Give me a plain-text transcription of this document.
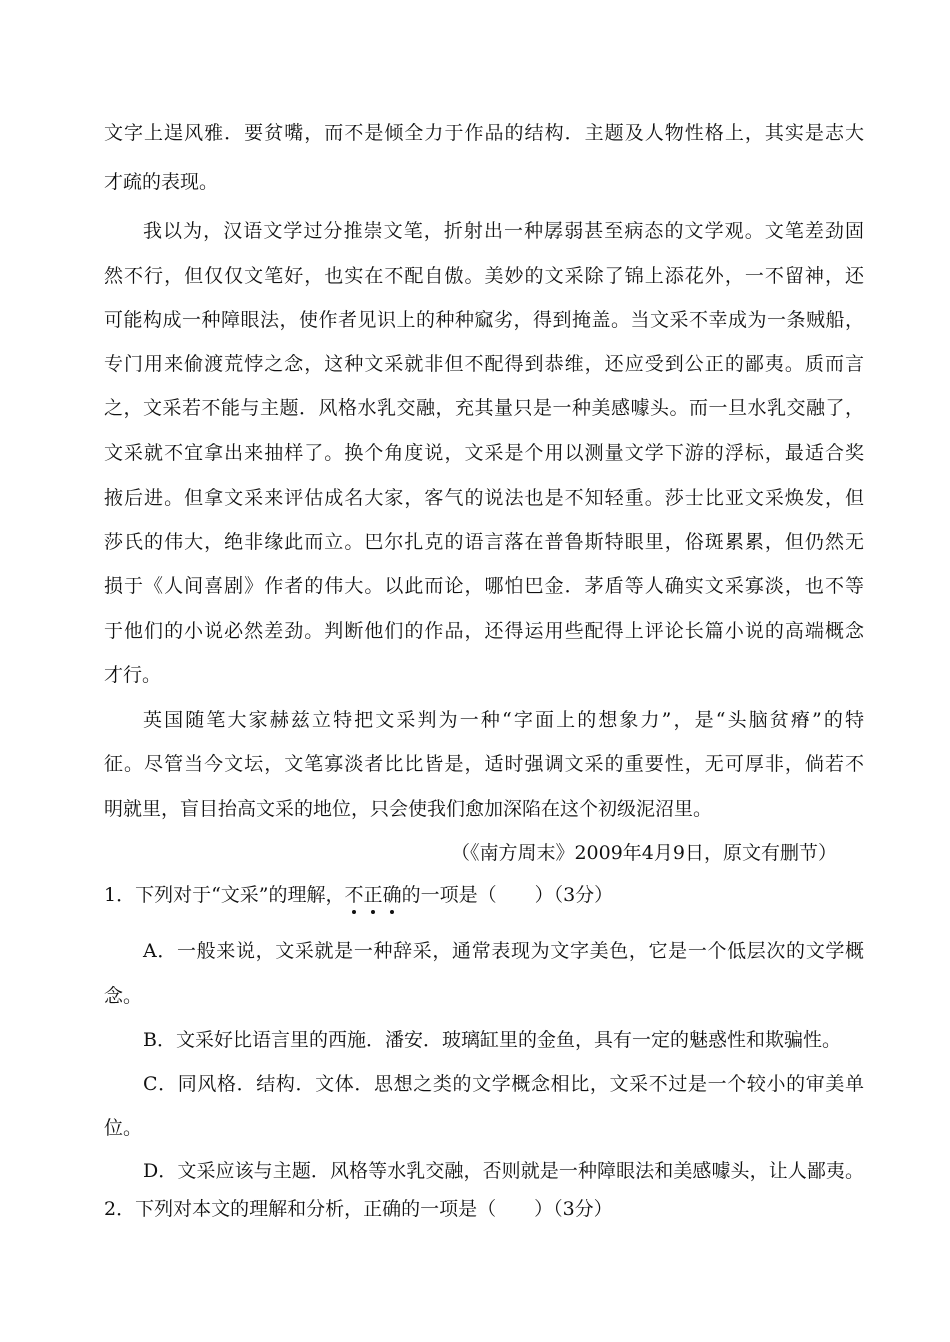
文字上逞风雅．要贫嘴，而不是倾全力于作品的结构．主题及人物性格上，其实是志大
才疏的表现。
我以为，汉语文学过分推崇文笔，折射出一种孱弱甚至病态的文学观。文笔差劲固
然不行，但仅仅文笔好，也实在不配自傲。美妙的文采除了锦上添花外，一不留神，还
可能构成一种障眼法，使作者见识上的种种窳劣，得到掩盖。当文采不幸成为一条贼船，
专门用来偷渡荒悖之念，这种文采就非但不配得到恭维，还应受到公正的鄙夷。质而言
之，文采若不能与主题．风格水乳交融，充其量只是一种美感噱头。而一旦水乳交融了，
文采就不宜拿出来抽样了。换个角度说，文采是个用以测量文学下游的浮标，最适合奖
掖后进。但拿文采来评估成名大家，客气的说法也是不知轻重。莎士比亚文采焕发，但
莎氏的伟大，绝非缘此而立。巴尔扎克的语言落在普鲁斯特眼里，俗斑累累，但仍然无
损于《人间喜剧》作者的伟大。以此而论，哪怕巴金．茅盾等人确实文采寡淡，也不等
于他们的小说必然差劲。判断他们的作品，还得运用些配得上评论长篇小说的高端概念
才行。
英国随笔大家赫兹立特把文采判为一种“字面上的想象力”，是“头脑贫瘠”的特
征。尽管当今文坛，文笔寡淡者比比皆是，适时强调文采的重要性，无可厚非，倘若不
明就里，盲目抬高文采的地位，只会使我们愈加深陷在这个初级泥沼里。
（《南方周末》2009年4月9日，原文有删节）
1．下列对于“文采”的理解，不正确的一项是（　　）（3分）
A．一般来说，文采就是一种辞采，通常表现为文字美色，它是一个低层次的文学概
念。
B．文采好比语言里的西施．潘安．玻璃缸里的金鱼，具有一定的魅惑性和欺骗性。
C．同风格．结构．文体．思想之类的文学概念相比，文采不过是一个较小的审美单
位。
D．文采应该与主题．风格等水乳交融，否则就是一种障眼法和美感噱头，让人鄙夷。
2．下列对本文的理解和分析，正确的一项是（　　）（3分）
